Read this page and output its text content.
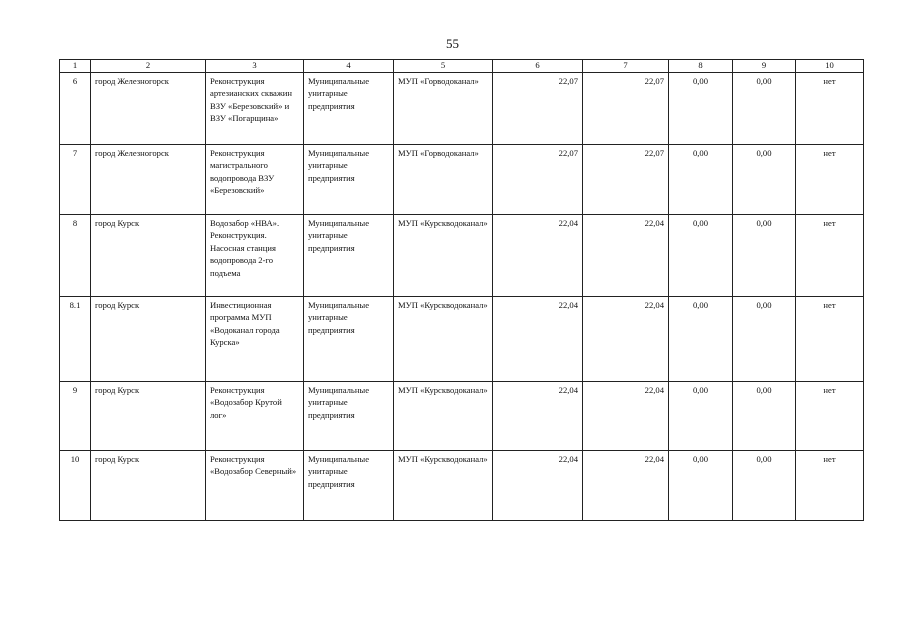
55
1	2	3	4	5	6	7	8	9	10
6	город Железногорск	Реконструкция артезианских скважин ВЗУ «Березовский» и ВЗУ «Погарщина»	Муниципальные унитарные предприятия	МУП «Горводоканал»	22,07	22,07	0,00	0,00	нет
7	город Железногорск	Реконструкция магистрального водопровода ВЗУ «Березовский»	Муниципальные унитарные предприятия	МУП «Горводоканал»	22,07	22,07	0,00	0,00	нет
8	город Курск	Водозабор «НВА». Реконструкция. Насосная станция водопровода 2-го подъема	Муниципальные унитарные предприятия	МУП «Курскводоканал»	22,04	22,04	0,00	0,00	нет
8.1	город Курск	Инвестиционная программа МУП «Водоканал города Курска»	Муниципальные унитарные предприятия	МУП «Курскводоканал»	22,04	22,04	0,00	0,00	нет
9	город Курск	Реконструкция «Водозабор Крутой лог»	Муниципальные унитарные предприятия	МУП «Курскводоканал»	22,04	22,04	0,00	0,00	нет
10	город Курск	Реконструкция «Водозабор Северный»	Муниципальные унитарные предприятия	МУП «Курскводоканал»	22,04	22,04	0,00	0,00	нет
